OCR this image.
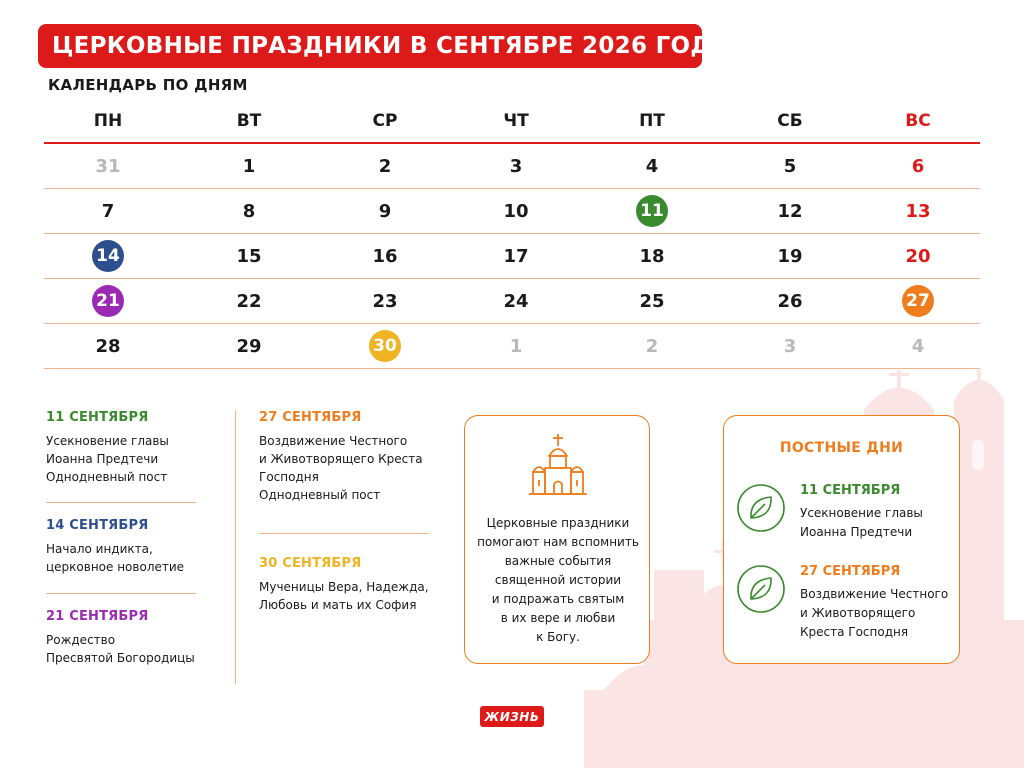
ЦЕРКОВНЫЕ ПРАЗДНИКИ В СЕНТЯБРЕ 2026 ГОДА
КАЛЕНДАРЬ ПО ДНЯМ
ПН	ВТ	СР	ЧТ	ПТ	СБ	ВС
31	1	2	3	4	5	6
7	8	9	10	11	12	13
14	15	16	17	18	19	20
21	22	23	24	25	26	27
28	29	30	1	2	3	4
11 СЕНТЯБРЯ
Усекновение главы
Иоанна Предтечи
Однодневный пост
14 СЕНТЯБРЯ
Начало индикта,
церковное новолетие
21 СЕНТЯБРЯ
Рождество
Пресвятой Богородицы
27 СЕНТЯБРЯ
Воздвижение Честного
и Животворящего Креста
Господня
Однодневный пост
30 СЕНТЯБРЯ
Мученицы Вера, Надежда,
Любовь и мать их София
Церковные праздники
помогают нам вспомнить
важные события
священной истории
и подражать святым
в их вере и любви
к Богу.
ПОСТНЫЕ ДНИ
11 СЕНТЯБРЯ
Усекновение главы
Иоанна Предтечи
27 СЕНТЯБРЯ
Воздвижение Честного
и Животворящего
Креста Господня
ЖИЗНЬ
